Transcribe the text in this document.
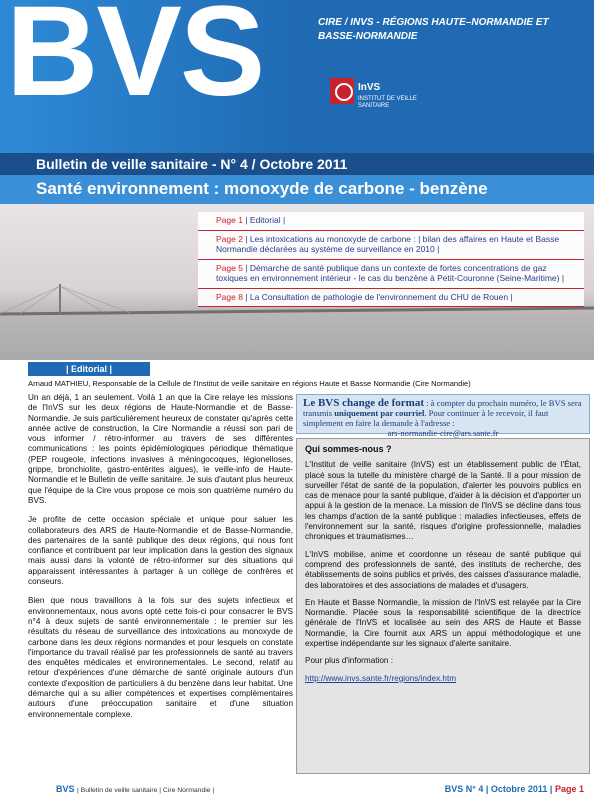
BVS	CIRE / INVS - RÉGIONS HAUTE–NORMANDIE ET
BASSE-NORMANDIE
InVS
INSTITUT DE VEILLE SANITAIRE
Bulletin de veille sanitaire - N° 4 / Octobre 2011
Santé environnement : monoxyde de carbone - benzène
Page 1 | Editorial |
Page 2 | Les intoxications au monoxyde de carbone : | bilan des affaires en Haute et Basse Normandie déclarées au système de surveillance en 2010 |
Page 5 | Démarche de santé publique dans un contexte de fortes concentrations de gaz toxiques en environnement intérieur - le cas du benzène à Petit-Couronne (Seine-Maritime) |
Page 8 | La Consultation de pathologie de l'environnement du CHU de Rouen |
| Editorial |
Arnaud MATHIEU, Responsable de la Cellule de l'Institut de veille sanitaire en régions Haute et Basse Normandie (Cire Normandie)

Un an déjà, 1 an seulement. Voilà 1 an que la Cire relaye les missions de l'InVS sur les deux régions de Haute-Normandie et de Basse-Normandie. Je suis particulièrement heureux de constater qu'après cette année active de construction, la Cire Normandie a réussi son pari de vous informer / rétro-informer au travers de ses différentes communications : les points épidémiologiques périodique thématique (PEP rougeole, infections invasives à méningocoques, légionelloses, grippe, bronchiolite, gastro-entérites aigues), le veille-info de Haute-Normandie et le Bulletin de veille sanitaire. Je suis d'autant plus heureux que l'équipe de la Cire vous propose ce mois son quatrième numéro du BVS.

Je profite de cette occasion spéciale et unique pour saluer les collaborateurs des ARS de Haute-Normandie et de Basse-Normandie, des partenaires de la santé publique des deux régions, qui nous font confiance et contribuent par leur implication dans la gestion des signaux mais aussi dans la volonté de rétro-informer sur des situations qui apparaissent intéressantes à partager à un collège de confrères et conseurs.

Bien que nous travaillons à la fois sur des sujets infectieux et environnementaux, nous avons opté cette fois-ci pour consacrer le BVS n°4 à deux sujets de santé environnementale : le premier sur les résultats du réseau de surveillance des intoxications au monoxyde de carbone dans les deux régions normandes et pour lesquels on constate l'importance du travail réalisé par les professionnels de santé au travers des enquêtes médicales et environnementales. Le second, relatif au retour d'expériences d'une démarche de santé originale autours d'un contexte d'exposition de particuliers à du benzène dans leur habitat. Une démarche qui a su allier compétences et expertises complémentaires autours d'une préoccupation sanitaire et d'une situation environnementale complexe.

Le BVS change de format : à compter du prochain numéro, le BVS sera transmis uniquement par courriel. Pour continuer à le recevoir, il faut simplement en faire la demande à l'adresse :
ars-normandie-cire@ars.sante.fr
Qui sommes-nous ?

L'Institut de veille sanitaire (InVS) est un établissement public de l'État, placé sous la tutelle du ministère chargé de la Santé. Il a pour mission de surveiller l'état de santé de la population, d'alerter les pouvoirs publics en cas de menace pour la santé publique, d'aider à la décision et d'apporter un appui à la gestion de la menace. La mission de l'InVS se décline dans tous les champs d'action de la santé publique : maladies infectieuses, effets de l'environnement sur la santé, risques d'origine professionnelle, maladies chroniques et traumatismes…

L'InVS mobilise, anime et coordonne un réseau de santé publique qui comprend des professionnels de santé, des instituts de recherche, des établissements de soins publics et privés, des caisses d'assurance maladie, des laboratoires et des associations de malades et d'usagers.

En Haute et Basse Normandie, la mission de l'InVS est relayée par la Cire Normandie. Placée sous la responsabilité scientifique de la directrice générale de l'InVS et localisée au sein des ARS de Haute et Basse Normandie, la Cire fournit aux ARS un appui méthodologique et une expertise indépendante sur les signaux d'alerte sanitaire.

Pour plus d'information :

http://www.invs.sante.fr/regions/index.htm

BVS | Bulletin de veille sanitaire | Cire Normandie |	BVS N° 4 | Octobre 2011 | Page 1
